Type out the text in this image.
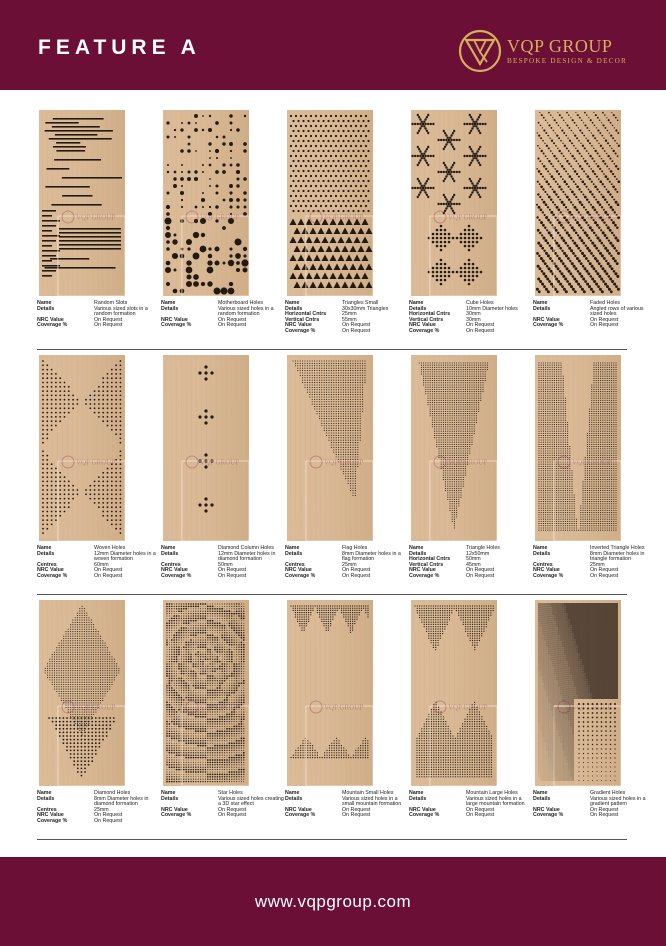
FEATURE A	VQP GROUP
BESPOKE DESIGN & DECOR
VQP GROUP
Name	Random Slots
Details	Various sized slots in a random formation
NRC Value	On Request
Coverage %	On Request
VQP GROUP
Name	Motherboard Holes
Details	Various sized holes in a random formation
NRC Value	On Request
Coverage %	On Request
VQP GROUP
Name	Triangles Small
Details	30x30mm Triangles
Horizontal Cntrs	25mm
Vertical Cntrs	55mm
NRC Value	On Request
Coverage %	On Request
VQP GROUP
Name	Cube Holes
Details	10mm Diameter holes
Horizontal Cntrs	30mm
Vertical Cntrs	30mm
NRC Value	On Request
Coverage %	On Request
VQP GROUP
Name	Faded Holes
Details	Angled rows of various sized holes
NRC Value	On Request
Coverage %	On Request
VQP GROUP
Name	Woven Holes
Details	12mm Diameter holes in a woven formation
Centres	60mm
NRC Value	On Request
Coverage %	On Request
VQP GROUP
Name	Diamond Column Holes
Details	12mm Diameter holes in diamond formation
Centres	50mm
NRC Value	On Request
Coverage %	On Request
VQP GROUP
Name	Flag Holes
Details	8mm Diameter holes in a flag formation
Centres	25mm
NRC Value	On Request
Coverage %	On Request
VQP GROUP
Name	Triangle Holes
Details	12x50mm
Horizontal Cntrs	50mm
Vertical Cntrs	45mm
NRC Value	On Request
Coverage %	On Request
VQP GROUP
Name	Inverted Triangle Holes
Details	8mm Diameter holes in triangle formation
Centres	25mm
NRC Value	On Request
Coverage %	On Request
VQP GROUP
Name	Diamond Holes
Details	8mm Diameter holes in diamond formation
Centres	25mm
NRC Value	On Request
Coverage %	On Request
VQP GROUP
Name	Star Holes
Details	Various sized holes creating a 3D star effect
NRC Value	On Request
Coverage %	On Request
VQP GROUP
Name	Mountain Small Holes
Details	Various sized holes in a small mountain formation
NRC Value	On Request
Coverage %	On Request
VQP GROUP
Name	Mountain Large Holes
Details	Various sized holes in a large mountain formation
NRC Value	On Request
Coverage %	On Request
VQP GROUP
Name	Gradient Holes
Details	Various sized holes in a gradient pattern
NRC Value	On Request
Coverage %	On Request
www.vqpgroup.com
